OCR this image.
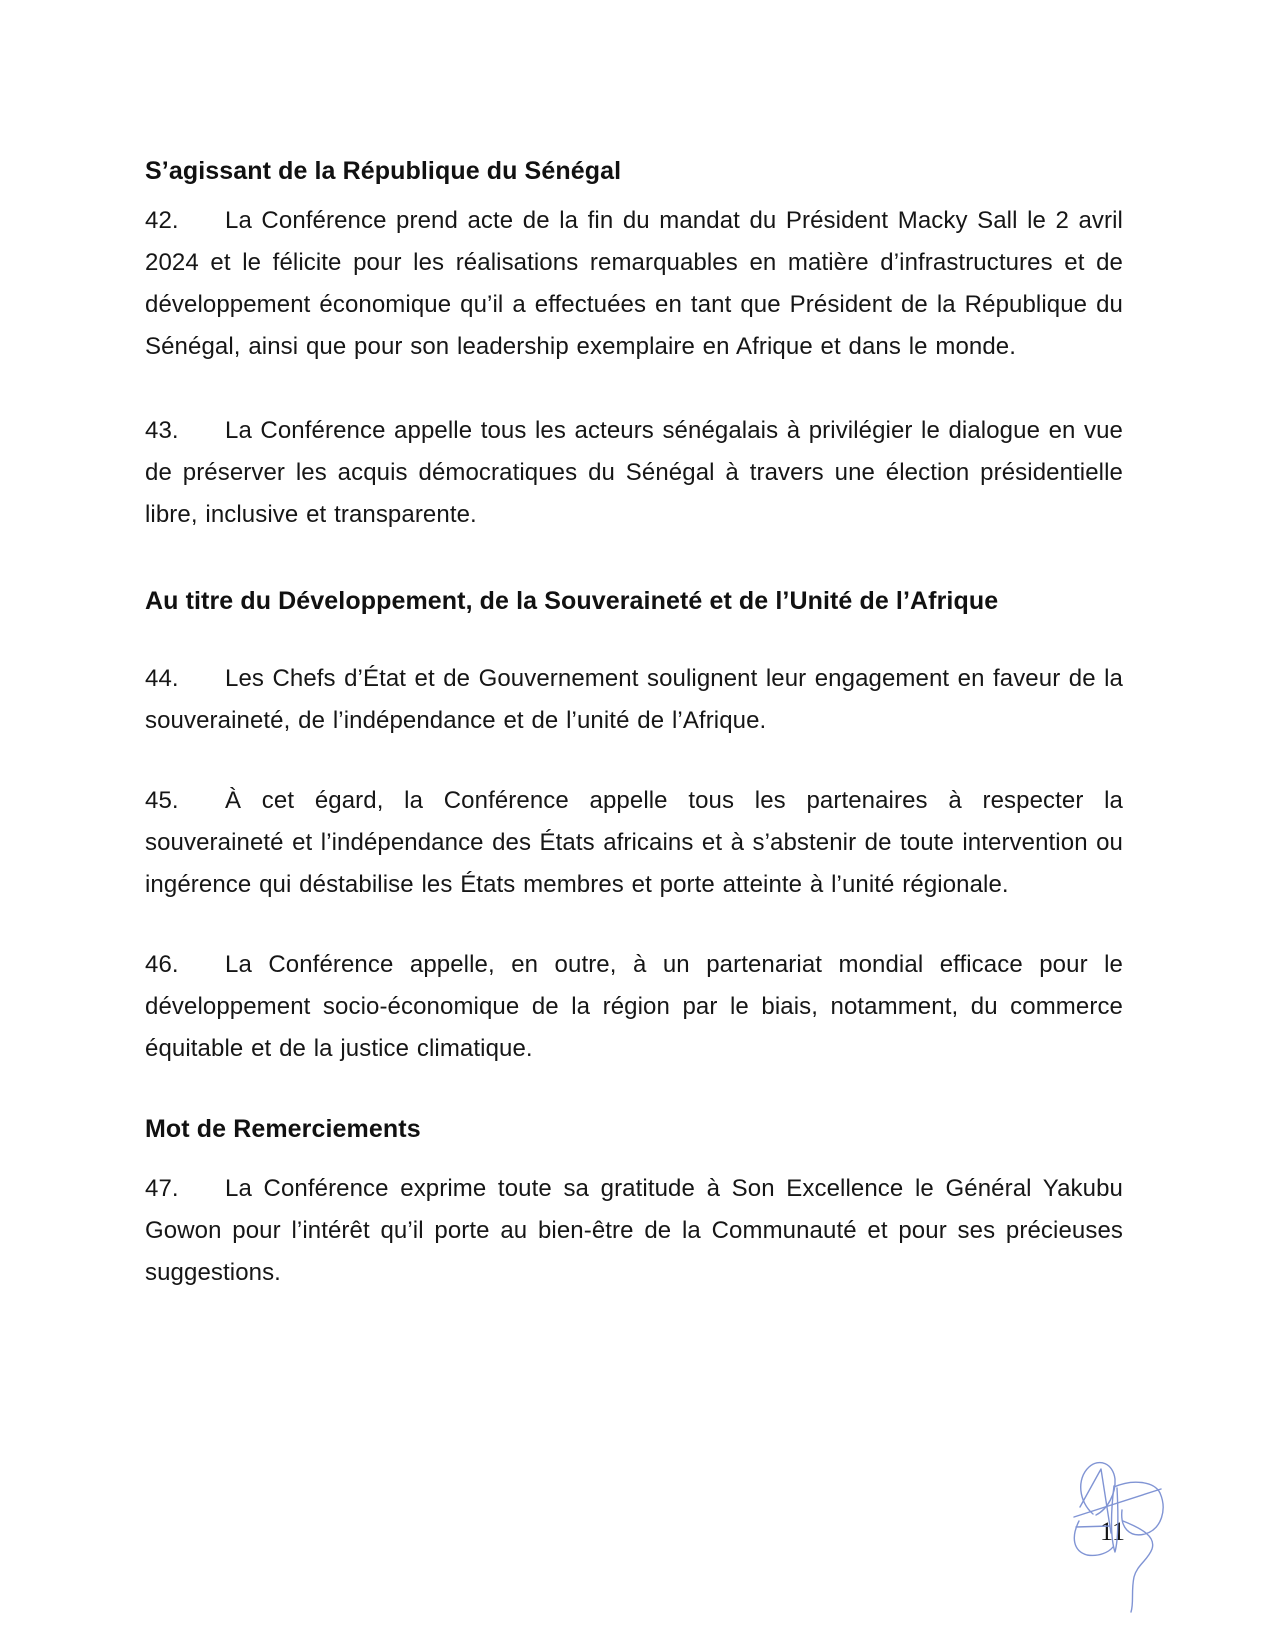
S’agissant de la République du Sénégal

42. La Conférence prend acte de la fin du mandat du Président Macky Sall le 2 avril 2024 et le félicite pour les réalisations remarquables en matière d’infrastructures et de développement économique qu’il a effectuées en tant que Président de la République du Sénégal, ainsi que pour son leadership exemplaire en Afrique et dans le monde.

43. La Conférence appelle tous les acteurs sénégalais à privilégier le dialogue en vue de préserver les acquis démocratiques du Sénégal à travers une élection présidentielle libre, inclusive et transparente.

Au titre du Développement, de la Souveraineté et de l’Unité de l’Afrique

44. Les Chefs d’État et de Gouvernement soulignent leur engagement en faveur de la souveraineté, de l’indépendance et de l’unité de l’Afrique.

45. À cet égard, la Conférence appelle tous les partenaires à respecter la souveraineté et l’indépendance des États africains et à s’abstenir de toute intervention ou ingérence qui déstabilise les États membres et porte atteinte à l’unité régionale.

46. La Conférence appelle, en outre, à un partenariat mondial efficace pour le développement socio-économique de la région par le biais, notamment, du commerce équitable et de la justice climatique.

Mot de Remerciements

47. La Conférence exprime toute sa gratitude à Son Excellence le Général Yakubu Gowon pour l’intérêt qu’il porte au bien-être de la Communauté et pour ses précieuses suggestions.

11
